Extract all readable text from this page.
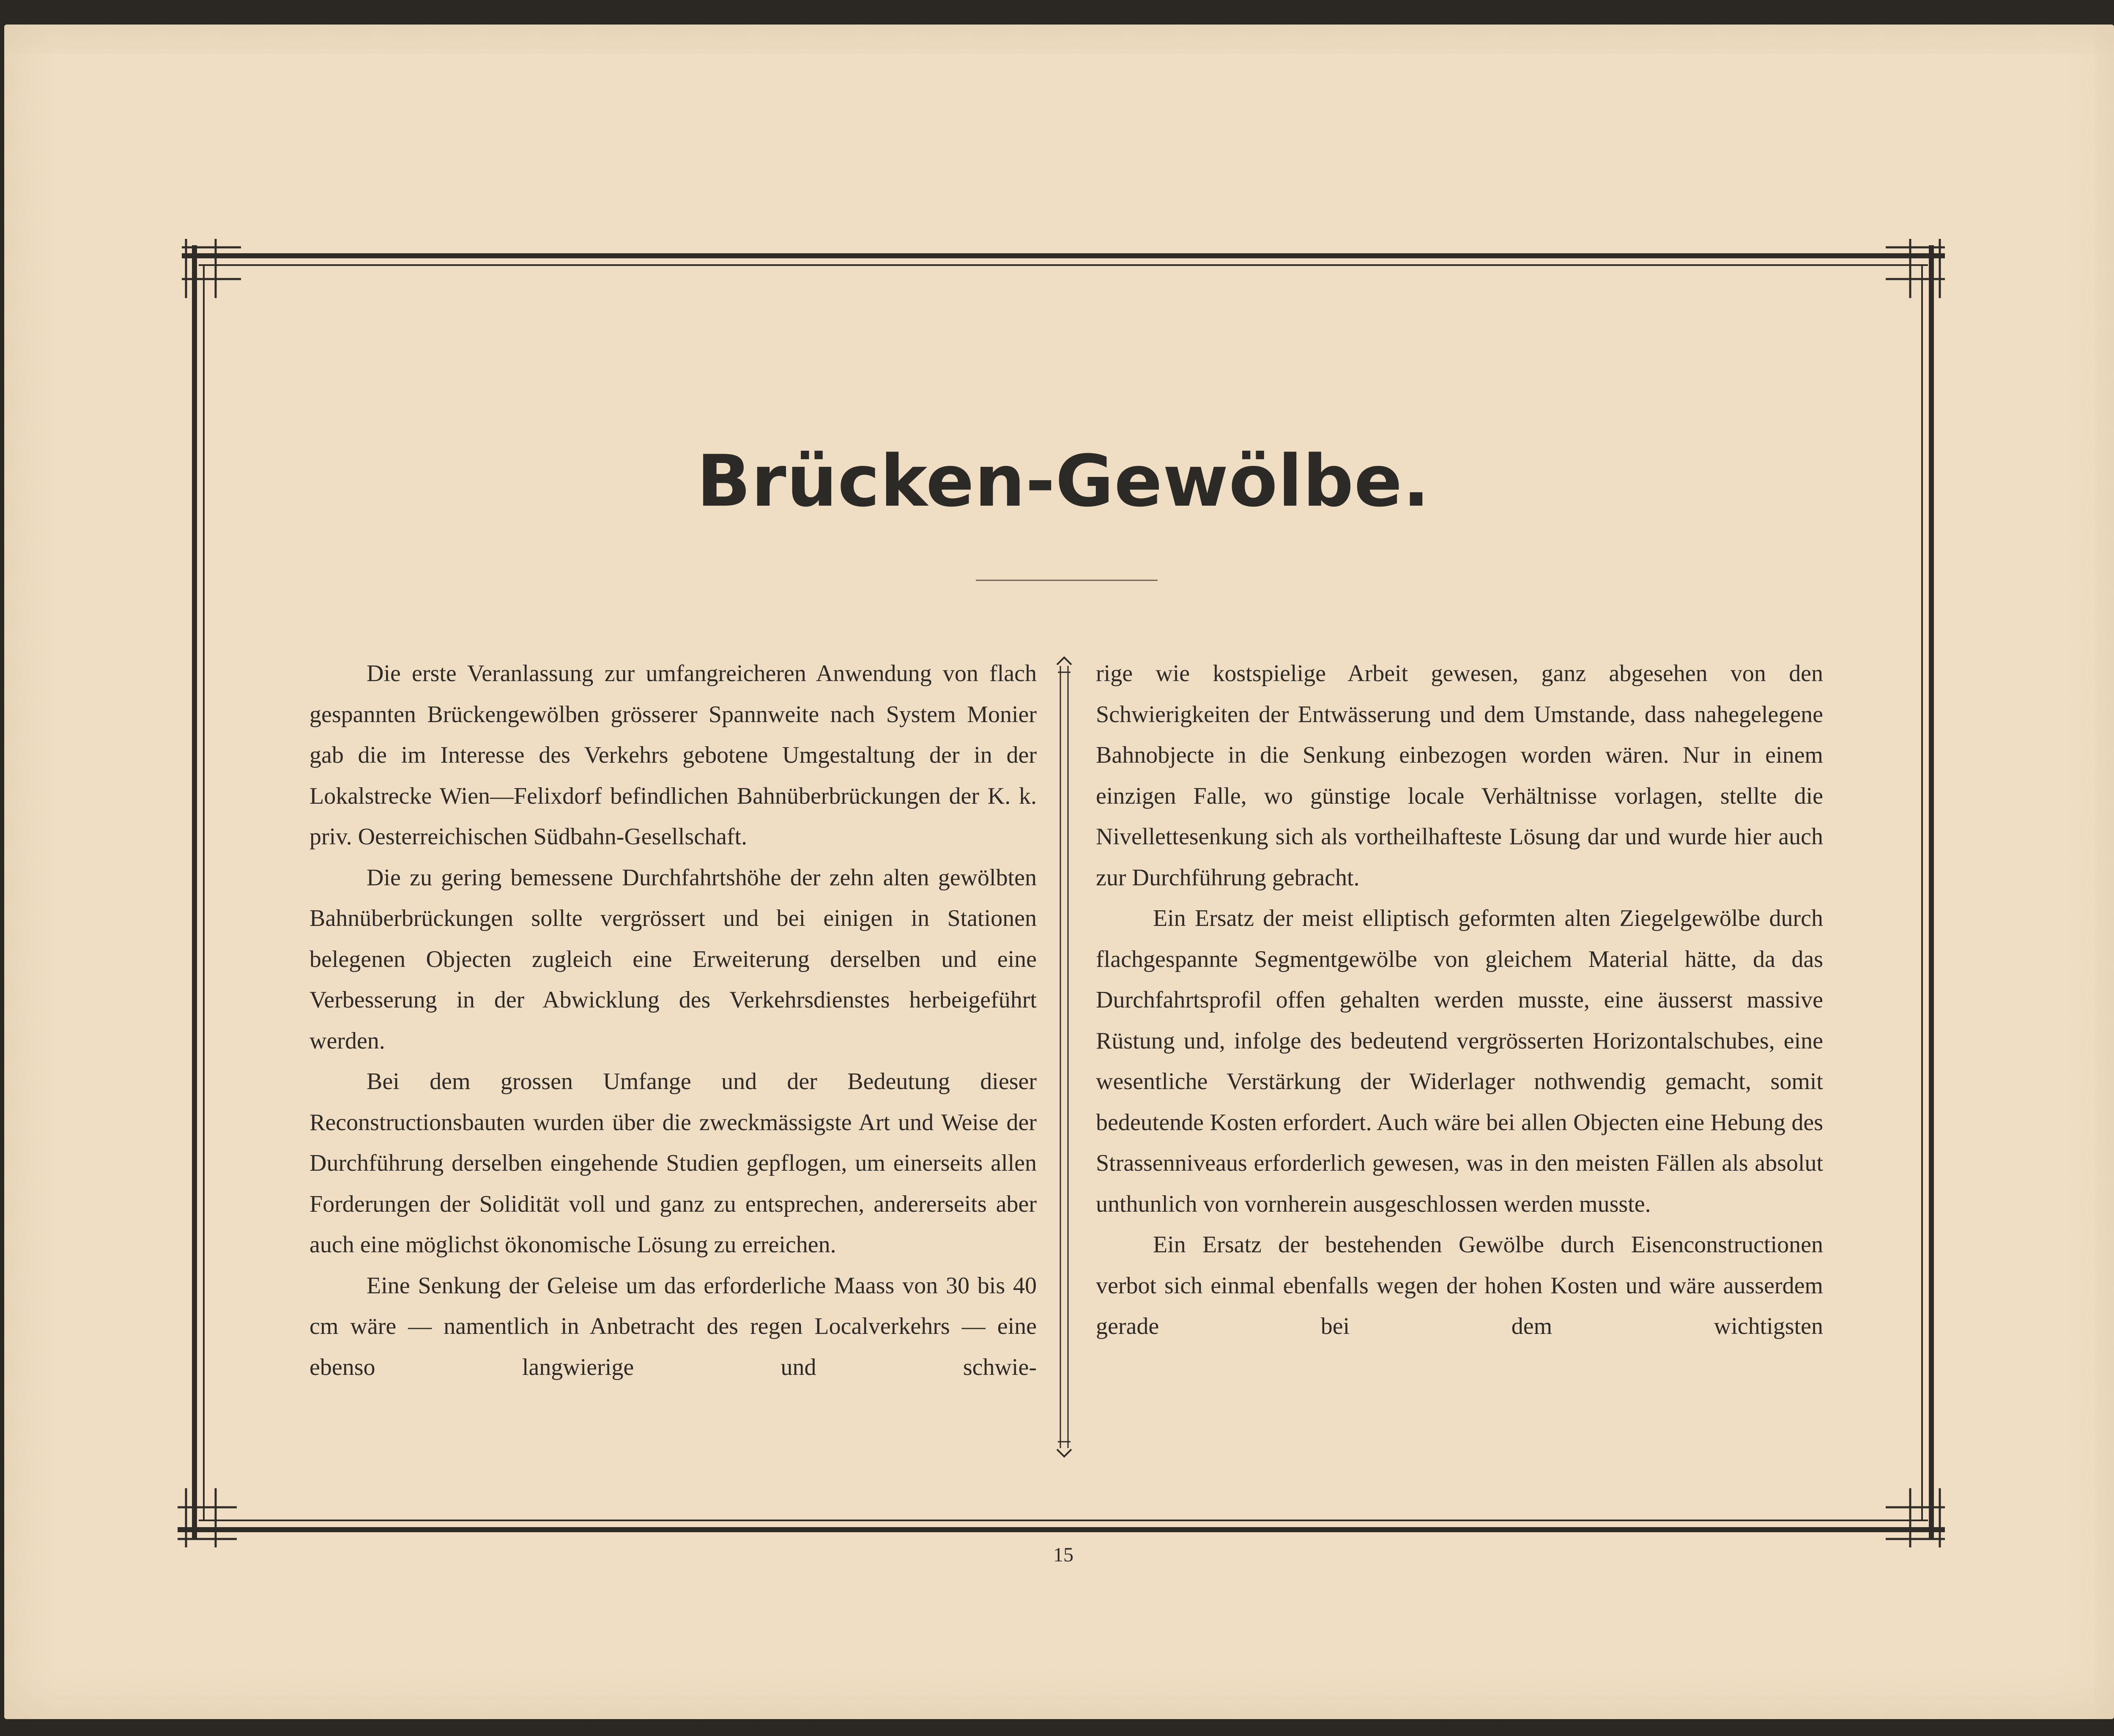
Brücken-Gewölbe.

Die erste Veranlassung zur umfangreicheren Anwendung von flach gespannten Brückengewölben grösserer Spannweite nach System Monier gab die im Interesse des Verkehrs gebotene Umgestaltung der in der Lokalstrecke Wien—Felixdorf befindlichen Bahnüberbrückungen der K. k. priv. Oesterreichischen Südbahn-Gesellschaft.

Die zu gering bemessene Durchfahrtshöhe der zehn alten gewölbten Bahnüberbrückungen sollte vergrössert und bei einigen in Stationen belegenen Objecten zugleich eine Erweiterung derselben und eine Verbesserung in der Abwicklung des Verkehrsdienstes herbeigeführt werden.

Bei dem grossen Umfange und der Bedeutung dieser Reconstructionsbauten wurden über die zweckmässigste Art und Weise der Durchführung derselben eingehende Studien gepflogen, um einerseits allen Forderungen der Solidität voll und ganz zu entsprechen, andererseits aber auch eine möglichst ökonomische Lösung zu erreichen.

Eine Senkung der Geleise um das erforderliche Maass von 30 bis 40 cm wäre — namentlich in Anbetracht des regen Localverkehrs — eine ebenso langwierige und schwie-

rige wie kostspielige Arbeit gewesen, ganz abgesehen von den Schwierigkeiten der Entwässerung und dem Umstande, dass nahegelegene Bahnobjecte in die Senkung einbezogen worden wären. Nur in einem einzigen Falle, wo günstige locale Verhältnisse vorlagen, stellte die Nivellettesenkung sich als vortheilhafteste Lösung dar und wurde hier auch zur Durchführung gebracht.

Ein Ersatz der meist elliptisch geformten alten Ziegelgewölbe durch flachgespannte Segmentgewölbe von gleichem Material hätte, da das Durchfahrtsprofil offen gehalten werden musste, eine äusserst massive Rüstung und, infolge des bedeutend vergrösserten Horizontalschubes, eine wesentliche Verstärkung der Widerlager nothwendig gemacht, somit bedeutende Kosten erfordert. Auch wäre bei allen Objecten eine Hebung des Strassenniveaus erforderlich gewesen, was in den meisten Fällen als absolut unthunlich von vornherein ausgeschlossen werden musste.

Ein Ersatz der bestehenden Gewölbe durch Eisenconstructionen verbot sich einmal ebenfalls wegen der hohen Kosten und wäre ausserdem gerade bei dem wichtigsten

15
